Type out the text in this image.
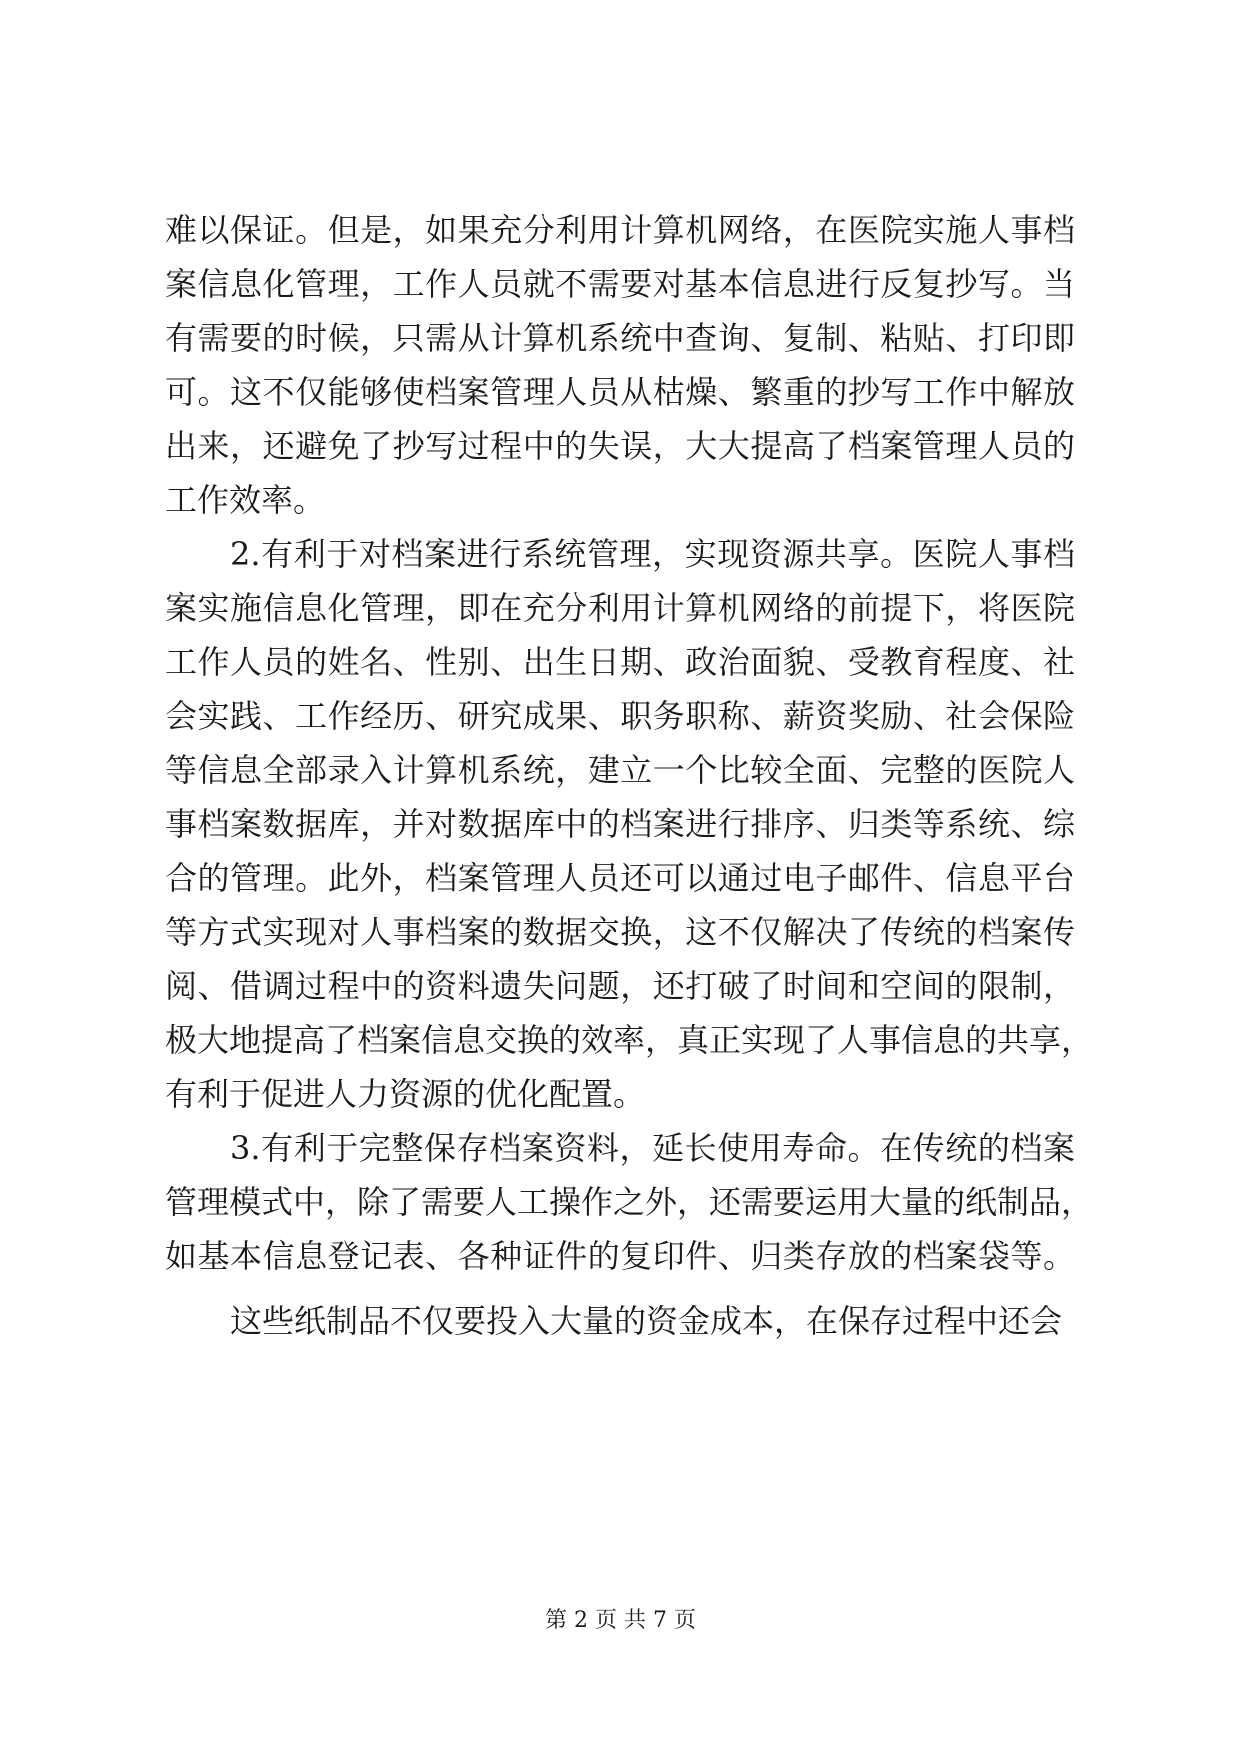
难以保证。但是，如果充分利用计算机网络，在医院实施人事档
案信息化管理，工作人员就不需要对基本信息进行反复抄写。当
有需要的时候，只需从计算机系统中查询、复制、粘贴、打印即
可。这不仅能够使档案管理人员从枯燥、繁重的抄写工作中解放
出来，还避免了抄写过程中的失误，大大提高了档案管理人员的
工作效率。
2.有利于对档案进行系统管理，实现资源共享。医院人事档
案实施信息化管理，即在充分利用计算机网络的前提下，将医院
工作人员的姓名、性别、出生日期、政治面貌、受教育程度、社
会实践、工作经历、研究成果、职务职称、薪资奖励、社会保险
等信息全部录入计算机系统，建立一个比较全面、完整的医院人
事档案数据库，并对数据库中的档案进行排序、归类等系统、综
合的管理。此外，档案管理人员还可以通过电子邮件、信息平台
等方式实现对人事档案的数据交换，这不仅解决了传统的档案传
阅、借调过程中的资料遗失问题，还打破了时间和空间的限制，
极大地提高了档案信息交换的效率，真正实现了人事信息的共享，
有利于促进人力资源的优化配置。
3.有利于完整保存档案资料，延长使用寿命。在传统的档案
管理模式中，除了需要人工操作之外，还需要运用大量的纸制品，
如基本信息登记表、各种证件的复印件、归类存放的档案袋等。
这些纸制品不仅要投入大量的资金成本，在保存过程中还会
第 2 页 共 7 页
